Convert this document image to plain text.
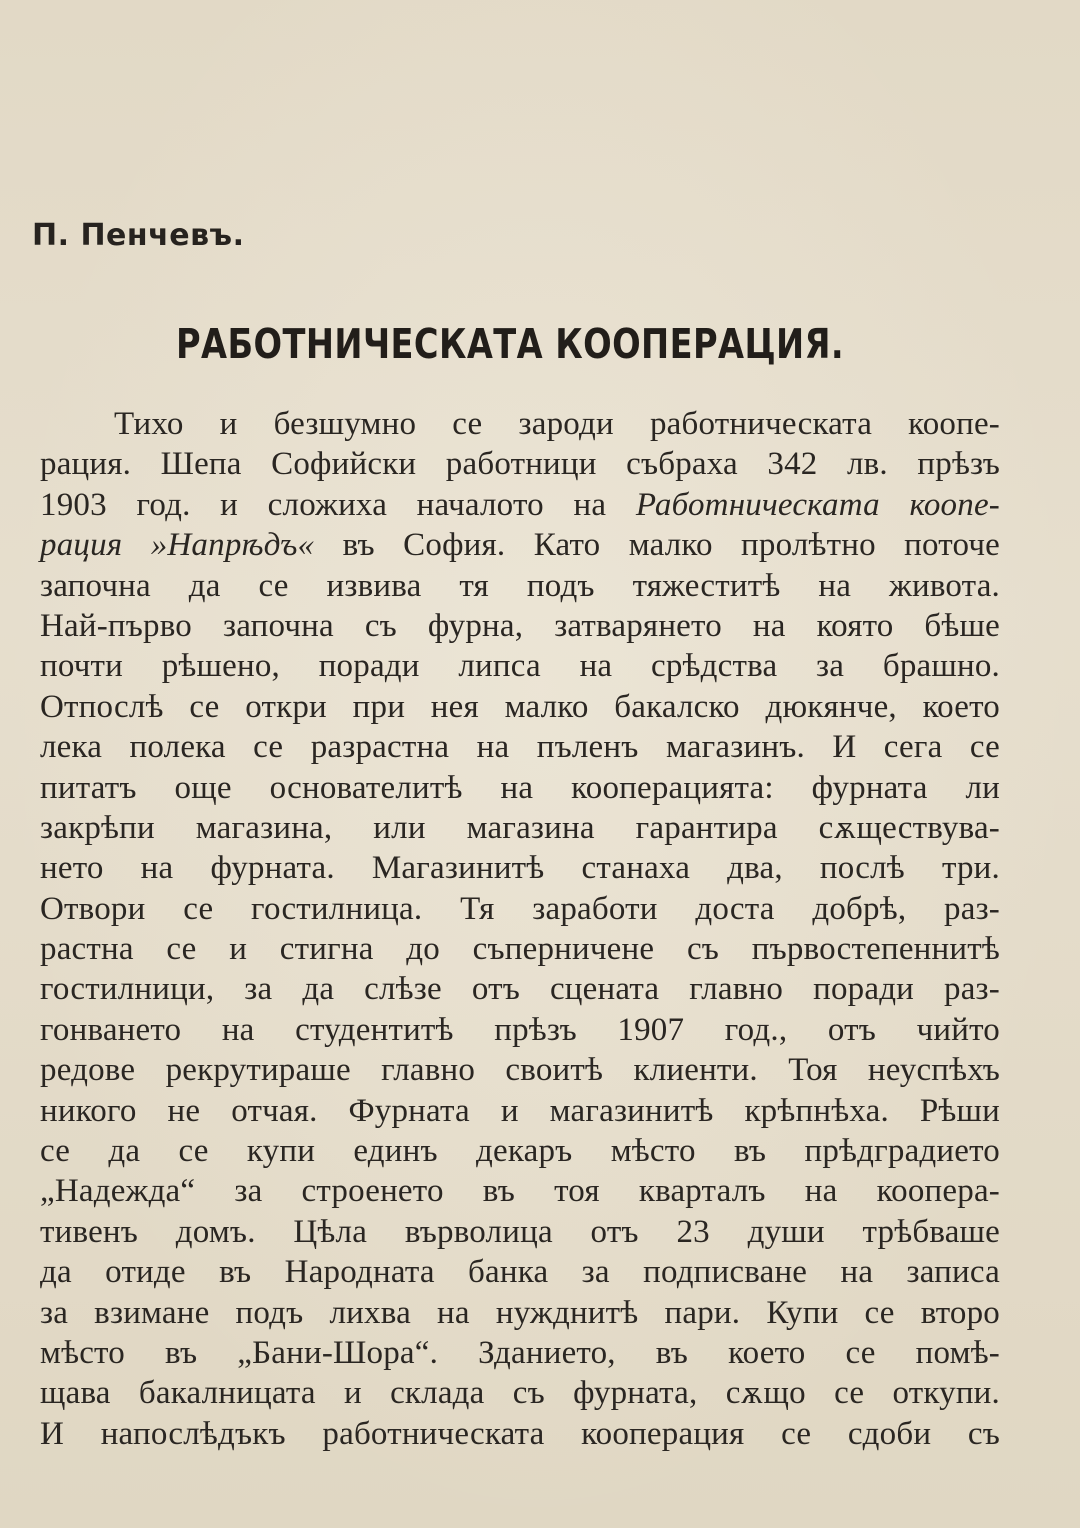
П. Пенчевъ.

РАБОТНИЧЕСКАТА КООПЕРАЦИЯ.
Тихо и безшумно се зароди работническата коопе-
рация. Шепа Софийски работници събраха 342 лв. прѣзъ
1903 год. и сложиха началото на Работническата коопе-
рация »Напрѣдъ« въ София. Като малко пролѣтно поточе
започна да се извива тя подъ тяжеститѣ на живота.
Най-първо започна съ фурна, затварянето на която бѣше
почти рѣшено, поради липса на срѣдства за брашно.
Отпослѣ се откри при нея малко бакалско дюкянче, което
лека полека се разрастна на пъленъ магазинъ. И сега се
питатъ още основателитѣ на кооперацията: фурната ли
закрѣпи магазина, или магазина гарантира сѫществува-
нето на фурната. Магазинитѣ станаха два, послѣ три.
Отвори се гостилница. Тя заработи доста добрѣ, раз-
растна се и стигна до съперничене съ първостепеннитѣ
гостилници, за да слѣзе отъ сцената главно поради раз-
гонването на студентитѣ прѣзъ 1907 год., отъ чийто
редове рекрутираше главно своитѣ клиенти. Тоя неуспѣхъ
никого не отчая. Фурната и магазинитѣ крѣпнѣха. Рѣши
се да се купи единъ декаръ мѣсто въ прѣдградието
„Надежда“ за строенето въ тоя кварталъ на коопера-
тивенъ домъ. Цѣла върволица отъ 23 души трѣбваше
да отиде въ Народната банка за подписване на записа
за взимане подъ лихва на нужднитѣ пари. Купи се второ
мѣсто въ „Бани-Шора“. Зданието, въ което се помѣ-
щава бакалницата и склада съ фурната, сѫщо се откупи.
И напослѣдъкъ работническата кооперация се сдоби съ
